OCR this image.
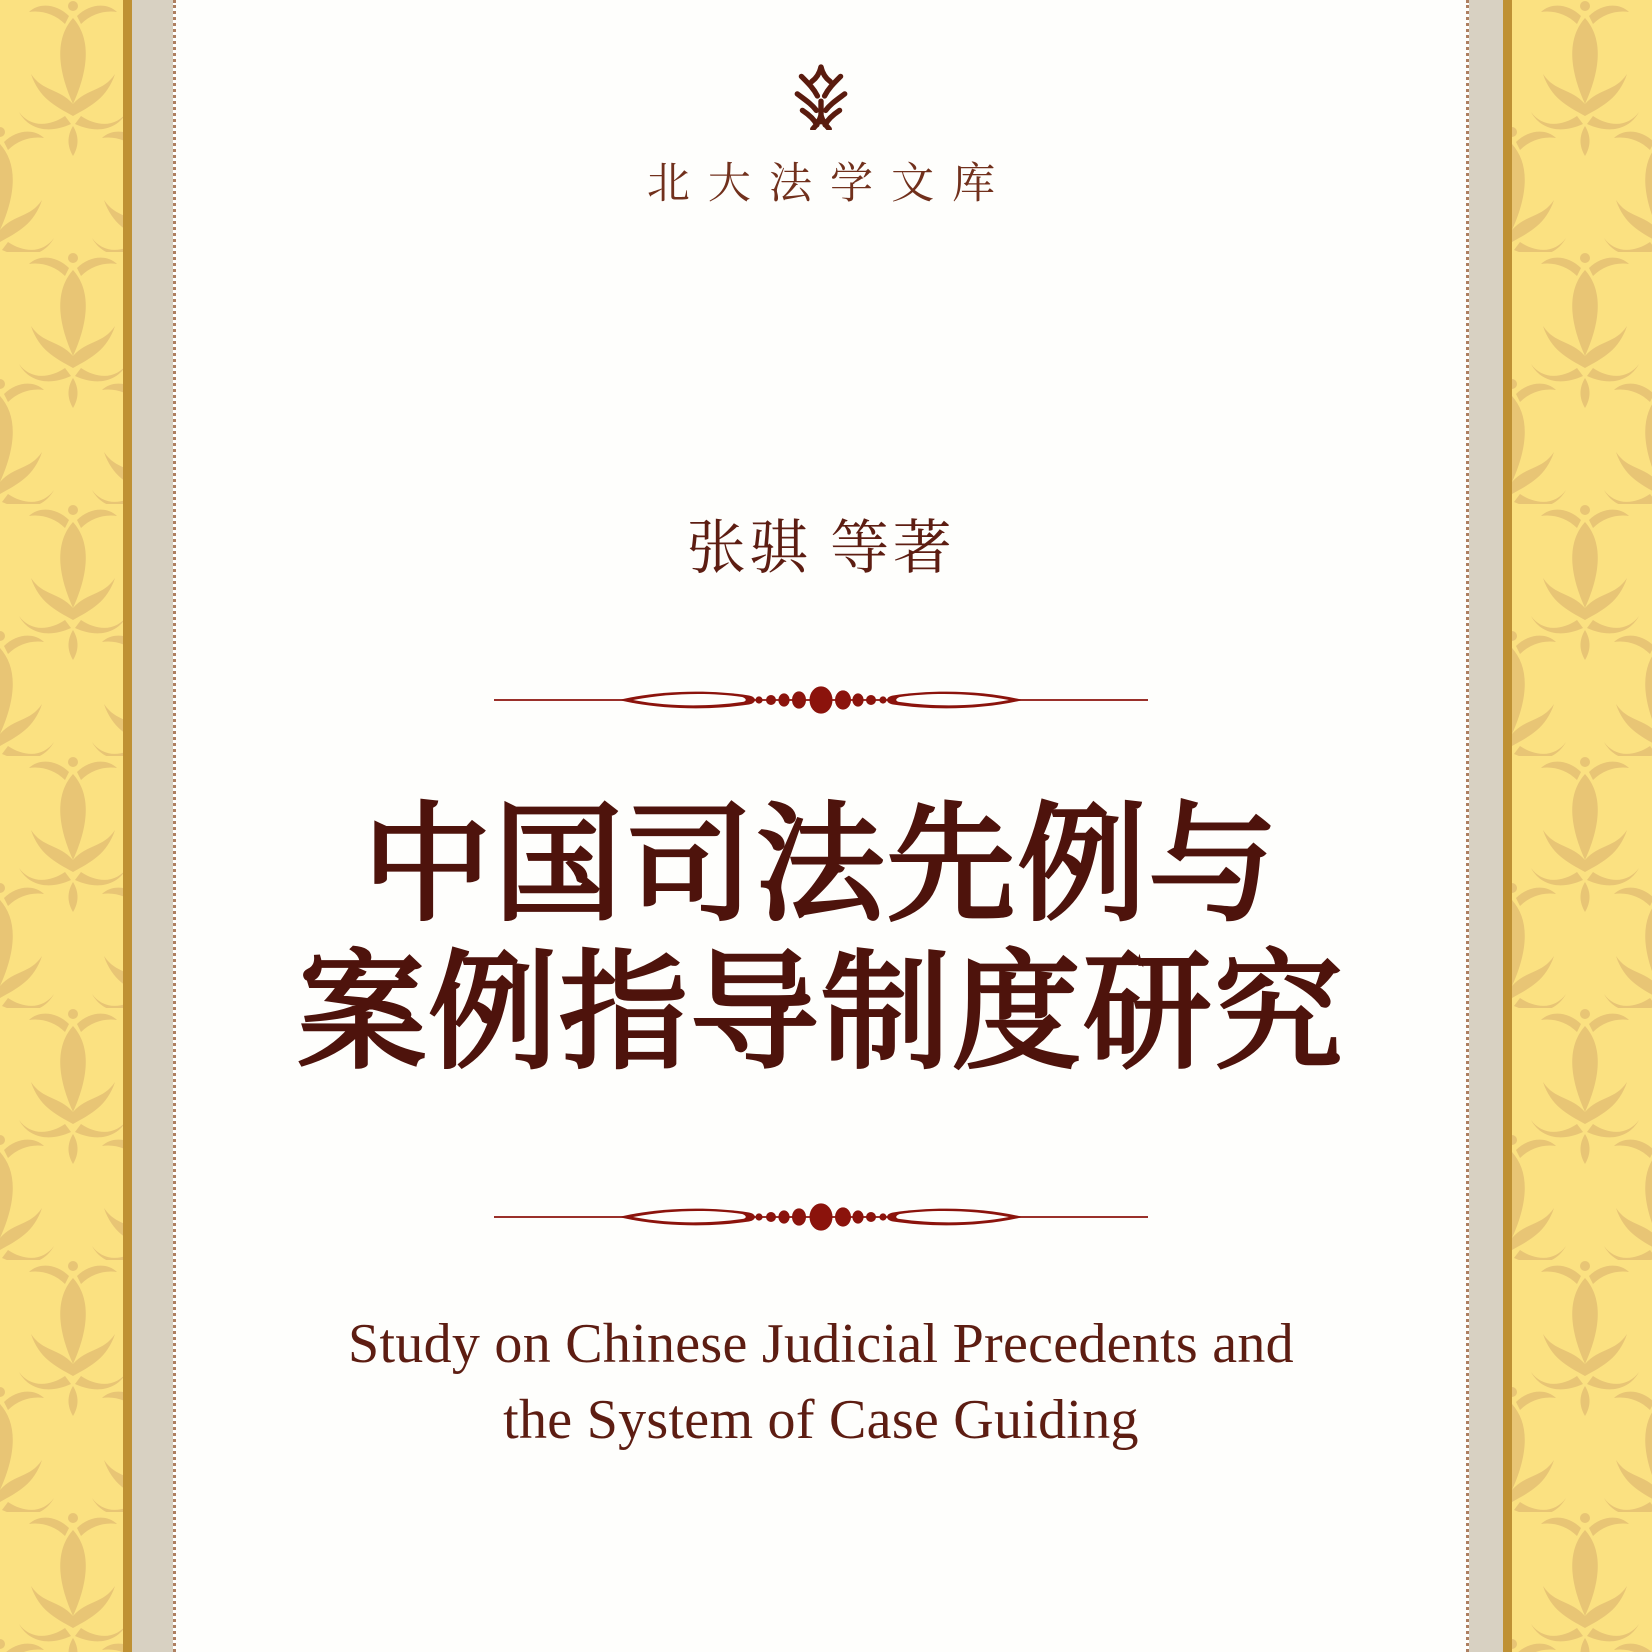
北大法学文库
张骐 等著
中国司法先例与
案例指导制度研究
Study on Chinese Judicial Precedents and
the System of Case Guiding
